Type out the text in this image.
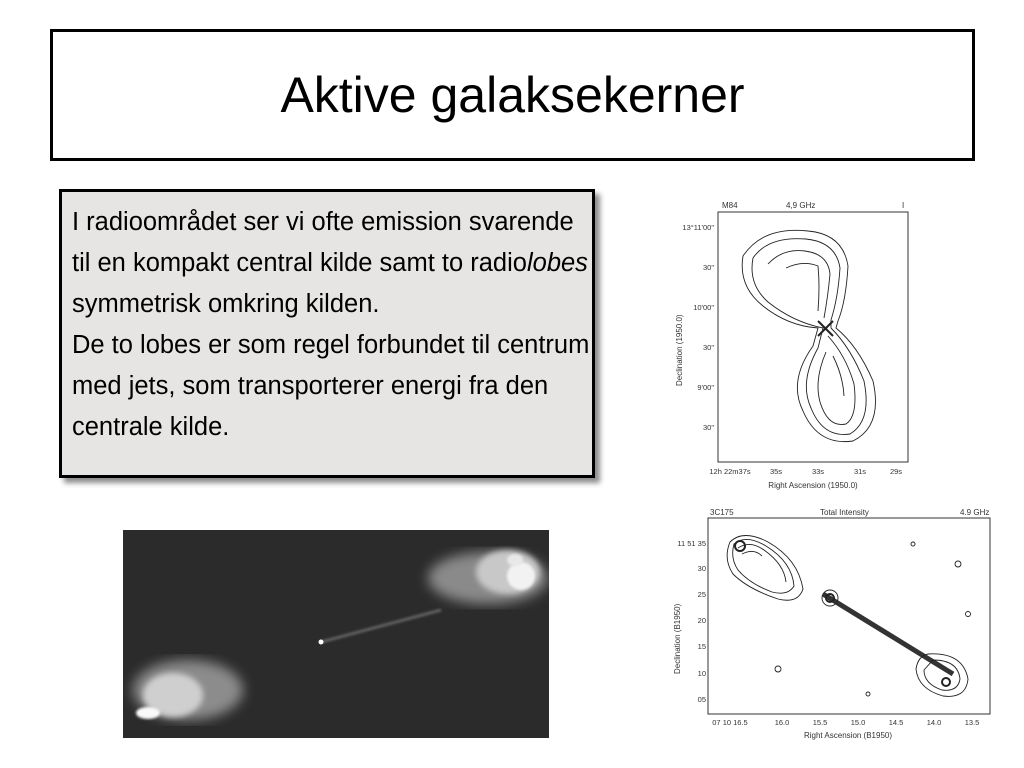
Aktive galaksekerner

I radioområdet ser vi ofte emission svarende til en kompakt central kilde samt to radiolobes symmetrisk omkring kilden.

De to lobes er som regel forbundet til centrum med jets, som transporterer energi fra den centrale kilde.

M84	4,9 GHz	I
13°11'00"
30"
10'00"
30"
9'00"
30"
Declination (1950.0)
12h 22m37s	35s	33s	31s	29s
Right Ascension (1950.0)
3C175	Total Intensity	4.9 GHz
11 51 35
30
25
20
15
10
05
Declination (B1950)
07 10 16.5	16.0	15.5	15.0	14.5	14.0	13.5
Right Ascension (B1950)
